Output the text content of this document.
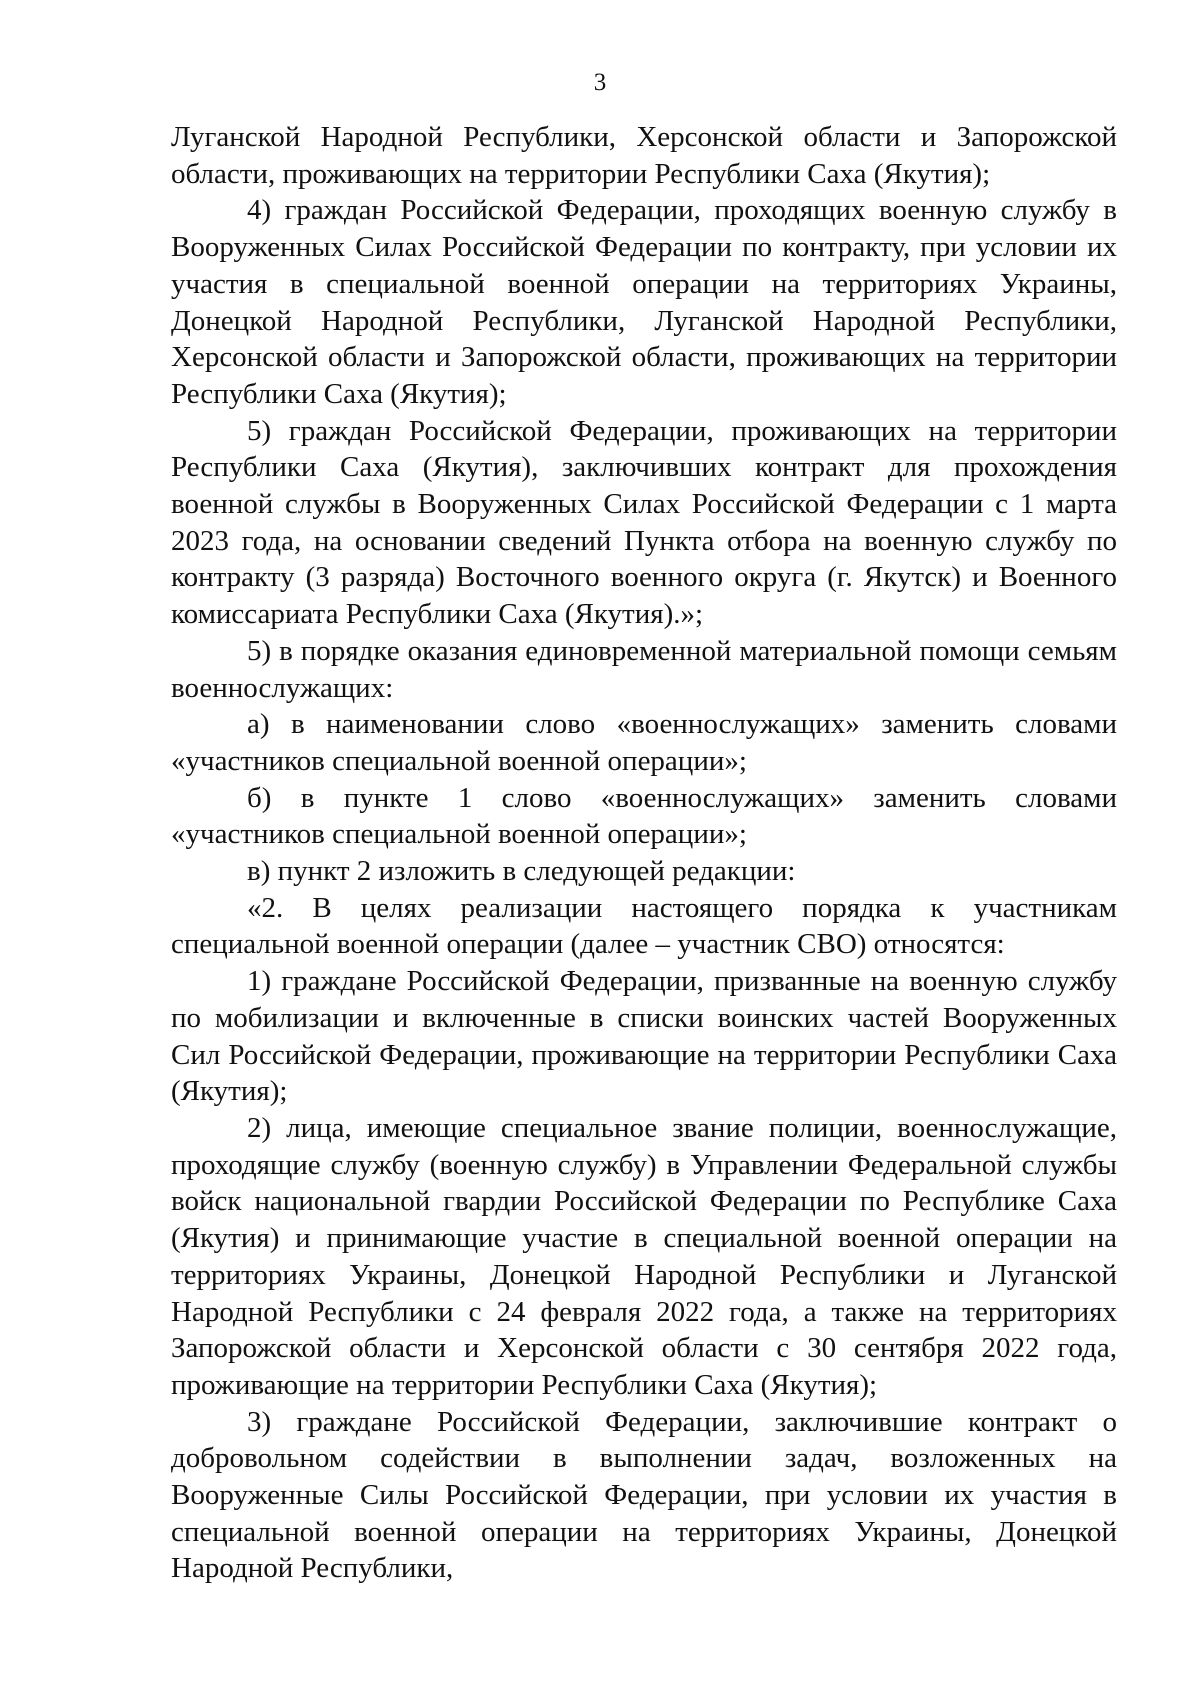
3

Луганской Народной Республики, Херсонской области и Запорожской области, проживающих на территории Республики Саха (Якутия);

4) граждан Российской Федерации, проходящих военную службу в Вооруженных Силах Российской Федерации по контракту, при условии их участия в специальной военной операции на территориях Украины, Донецкой Народной Республики, Луганской Народной Республики, Херсонской области и Запорожской области, проживающих на территории Республики Саха (Якутия);

5) граждан Российской Федерации, проживающих на территории Республики Саха (Якутия), заключивших контракт для прохождения военной службы в Вооруженных Силах Российской Федерации с 1 марта 2023 года, на основании сведений Пункта отбора на военную службу по контракту (3 разряда) Восточного военного округа (г. Якутск) и Военного комиссариата Республики Саха (Якутия).»;

5) в порядке оказания единовременной материальной помощи семьям военнослужащих:

а) в наименовании слово «военнослужащих» заменить словами «участников специальной военной операции»;

б) в пункте 1 слово «военнослужащих» заменить словами «участников специальной военной операции»;

в) пункт 2 изложить в следующей редакции:

«2. В целях реализации настоящего порядка к участникам специальной военной операции (далее – участник СВО) относятся:

1) граждане Российской Федерации, призванные на военную службу по мобилизации и включенные в списки воинских частей Вооруженных Сил Российской Федерации, проживающие на территории Республики Саха (Якутия);

2) лица, имеющие специальное звание полиции, военнослужащие, проходящие службу (военную службу) в Управлении Федеральной службы войск национальной гвардии Российской Федерации по Республике Саха (Якутия) и принимающие участие в специальной военной операции на территориях Украины, Донецкой Народной Республики и Луганской Народной Республики с 24 февраля 2022 года, а также на территориях Запорожской области и Херсонской области с 30 сентября 2022 года, проживающие на территории Республики Саха (Якутия);

3) граждане Российской Федерации, заключившие контракт о добровольном содействии в выполнении задач, возложенных на Вооруженные Силы Российской Федерации, при условии их участия в специальной военной операции на территориях Украины, Донецкой Народной Республики,
